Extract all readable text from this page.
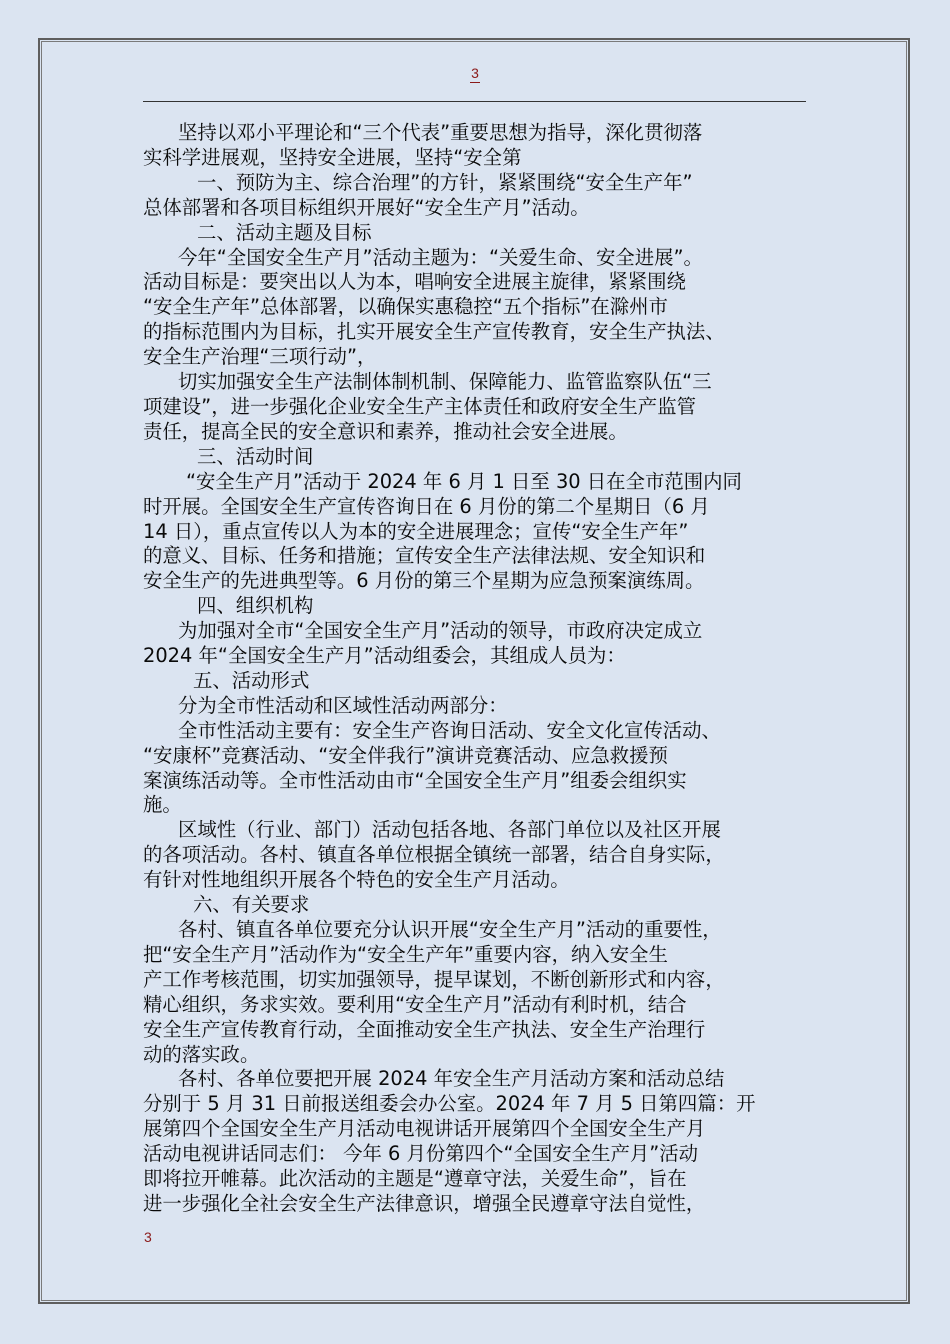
3

坚持以邓小平理论和“三个代表”重要思想为指导，深化贯彻落

实科学进展观，坚持安全进展，坚持“安全第

一、预防为主、综合治理”的方针，紧紧围绕“安全生产年”

总体部署和各项目标组织开展好“安全生产月”活动。

二、活动主题及目标

今年“全国安全生产月”活动主题为：“关爱生命、安全进展”。

活动目标是：要突出以人为本，唱响安全进展主旋律，紧紧围绕

“安全生产年”总体部署，以确保实惠稳控“五个指标”在滁州市

的指标范围内为目标，扎实开展安全生产宣传教育，安全生产执法、

安全生产治理“三项行动”，

切实加强安全生产法制体制机制、保障能力、监管监察队伍“三

项建设”，进一步强化企业安全生产主体责任和政府安全生产监管

责任，提高全民的安全意识和素养，推动社会安全进展。

三、活动时间

“安全生产月”活动于 2024 年 6 月 1 日至 30 日在全市范围内同

时开展。全国安全生产宣传咨询日在 6 月份的第二个星期日（6 月

14 日），重点宣传以人为本的安全进展理念；宣传“安全生产年”

的意义、目标、任务和措施；宣传安全生产法律法规、安全知识和

安全生产的先进典型等。6 月份的第三个星期为应急预案演练周。

四、组织机构

为加强对全市“全国安全生产月”活动的领导，市政府决定成立

2024 年“全国安全生产月”活动组委会，其组成人员为：

五、活动形式

分为全市性活动和区域性活动两部分：

全市性活动主要有：安全生产咨询日活动、安全文化宣传活动、

“安康杯”竞赛活动、“安全伴我行”演讲竞赛活动、应急救援预

案演练活动等。全市性活动由市“全国安全生产月”组委会组织实

施。

区域性（行业、部门）活动包括各地、各部门单位以及社区开展

的各项活动。各村、镇直各单位根据全镇统一部署，结合自身实际，

有针对性地组织开展各个特色的安全生产月活动。

六、有关要求

各村、镇直各单位要充分认识开展“安全生产月”活动的重要性，

把“安全生产月”活动作为“安全生产年”重要内容，纳入安全生

产工作考核范围，切实加强领导，提早谋划，不断创新形式和内容，

精心组织，务求实效。要利用“安全生产月”活动有利时机，结合

安全生产宣传教育行动，全面推动安全生产执法、安全生产治理行

动的落实政。

各村、各单位要把开展 2024 年安全生产月活动方案和活动总结

分别于 5 月 31 日前报送组委会办公室。2024 年 7 月 5 日第四篇：开

展第四个全国安全生产月活动电视讲话开展第四个全国安全生产月

活动电视讲话同志们： 今年 6 月份第四个“全国安全生产月”活动

即将拉开帷幕。此次活动的主题是“遵章守法，关爱生命”，旨在

进一步强化全社会安全生产法律意识，增强全民遵章守法自觉性，

3
